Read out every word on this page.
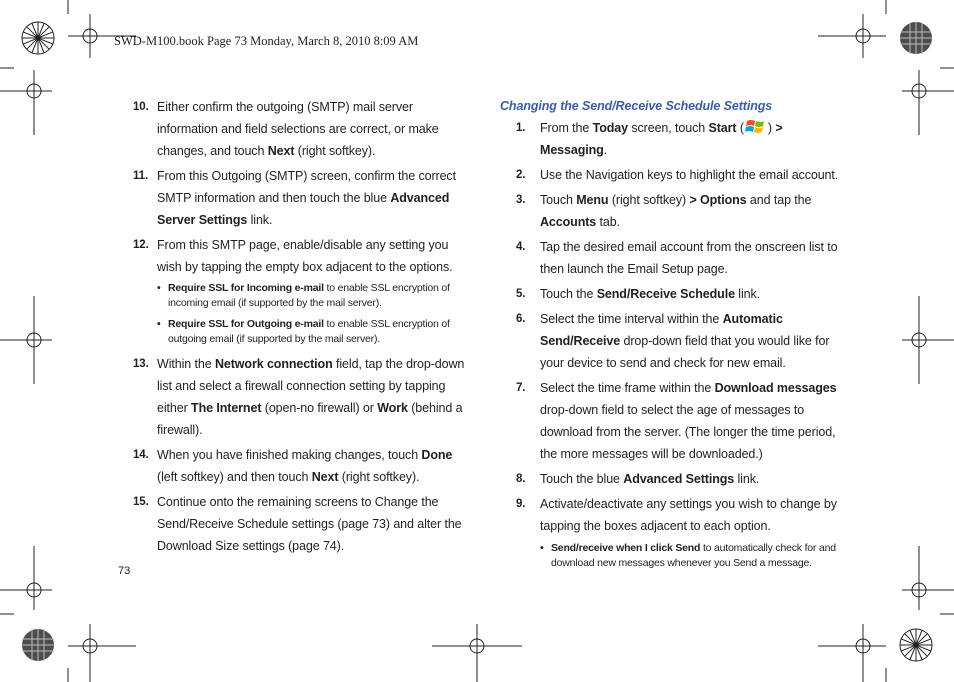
SWD-M100.book Page 73 Monday, March 8, 2010 8:09 AM
10. Either confirm the outgoing (SMTP) mail server information and field selections are correct, or make changes, and touch Next (right softkey).
11. From this Outgoing (SMTP) screen, confirm the correct SMTP information and then touch the blue Advanced Server Settings link.
12. From this SMTP page, enable/disable any setting you wish by tapping the empty box adjacent to the options.
• Require SSL for Incoming e-mail to enable SSL encryption of incoming email (if supported by the mail server).
• Require SSL for Outgoing e-mail to enable SSL encryption of outgoing email (if supported by the mail server).
13. Within the Network connection field, tap the drop-down list and select a firewall connection setting by tapping either The Internet (open-no firewall) or Work (behind a firewall).
14. When you have finished making changes, touch Done (left softkey) and then touch Next (right softkey).
15. Continue onto the remaining screens to Change the Send/Receive Schedule settings (page 73) and alter the Download Size settings (page 74).
Changing the Send/Receive Schedule Settings
1. From the Today screen, touch Start ( ) > Messaging.
2. Use the Navigation keys to highlight the email account.
3. Touch Menu (right softkey) > Options and tap the Accounts tab.
4. Tap the desired email account from the onscreen list to then launch the Email Setup page.
5. Touch the Send/Receive Schedule link.
6. Select the time interval within the Automatic Send/Receive drop-down field that you would like for your device to send and check for new email.
7. Select the time frame within the Download messages drop-down field to select the age of messages to download from the server. (The longer the time period, the more messages will be downloaded.)
8. Touch the blue Advanced Settings link.
9. Activate/deactivate any settings you wish to change by tapping the boxes adjacent to each option.
• Send/receive when I click Send to automatically check for and download new messages whenever you Send a message.
73
